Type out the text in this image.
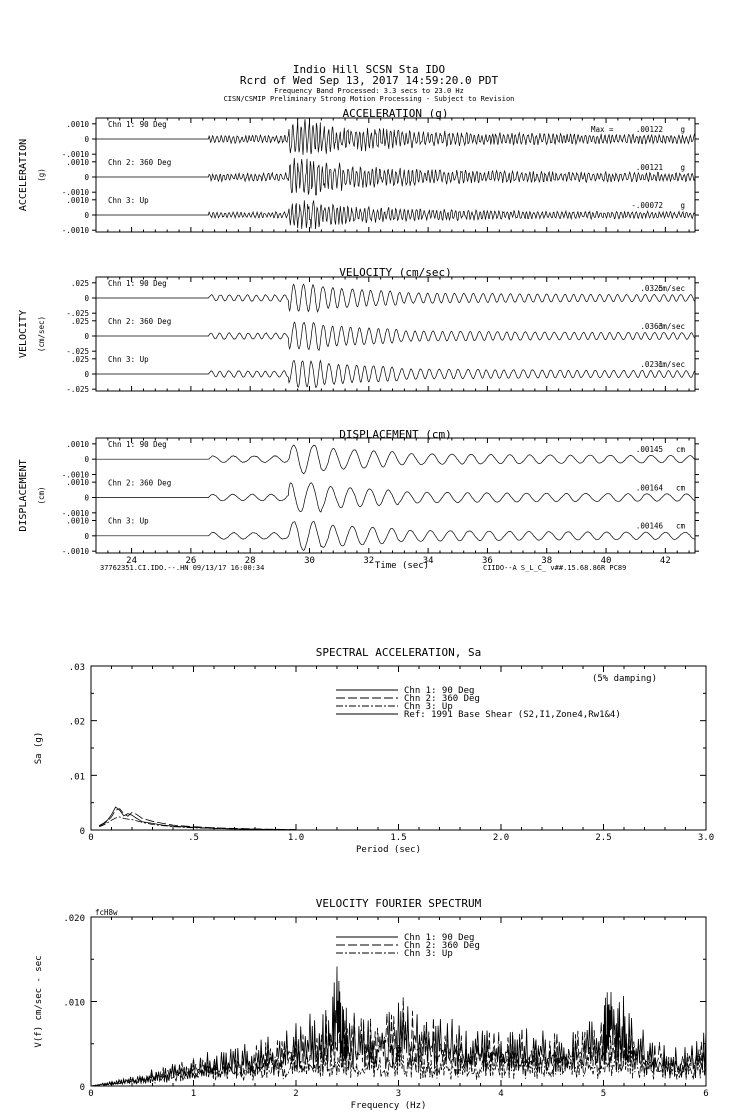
Indio Hill SCSN Sta IDO
Rcrd of Wed Sep 13, 2017 14:59:20.0 PDT
Frequency Band Processed: 3.3 secs to 23.0 Hz
CISN/CSMIP Preliminary Strong Motion Processing - Subject to Revision
ACCELERATION (g)
ACCELERATION (g)
.0010
0
-.0010
Chn 1: 90 Deg
Max =	.00122 g
.0010
0
-.0010
Chn 2: 360 Deg
.00121 g
.0010
0
-.0010
Chn 3: Up
-.00072 g
VELOCITY (cm/sec)
VELOCITY (cm/sec)
.025
0
-.025
Chn 1: 90 Deg
.0325
cm/sec
.025
0
-.025
Chn 2: 360 Deg
.0363
cm/sec
.025
0
-.025
Chn 3: Up
.0231
cm/sec
DISPLACEMENT (cm)
DISPLACEMENT (cm)
.0010
0
-.0010
Chn 1: 90 Deg
.00145 cm
.0010
0
-.0010
Chn 2: 360 Deg
.00164 cm
.0010
0
-.0010
Chn 3: Up
.00146 cm
24	26	28	30	32	34	36	38	40	42
Time (sec)
37762351.CI.IDO.--.HN 09/13/17 16:00:34	CIIDO--A S_L_C_ v##.15.68.86R PC89
SPECTRAL ACCELERATION, Sa
Period (sec)
Sa (g)
0	.5	1.0	1.5	2.0	2.5	3.0
0
.01
.02
.03
Chn 1: 90 Deg
Chn 2: 360 Deg
Chn 3: Up
Ref: 1991 Base Shear (S2,I1,Zone4,Rw1&4)
(5% damping)
VELOCITY FOURIER SPECTRUM
Frequency (Hz)
V(f) cm/sec - sec
0	1	2	3	4	5	6
0
.010
.020
Chn 1: 90 Deg
Chn 2: 360 Deg
Chn 3: Up
fcH8w
